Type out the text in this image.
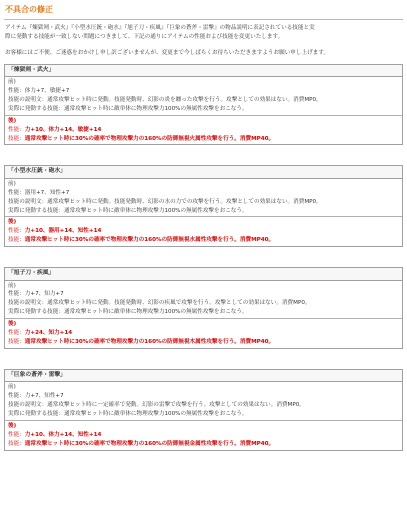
不具合の修正

アイテム『煉獄剣・武火』『小型水圧銃・砲水』『旭子刀・疾風』『巨象の蒼斧・雷撃』の物品説明に表記されている技能と実

際に発動する技能が一致しない問題につきまして、下記の通りにアイテムの性能および技能を変更いたします。

お客様にはご不便、ご迷惑をおかけし申し訳ございませんが、変更まで今しばらくお待ちいただきますようお願い申し上げます。

「煉獄剣・武火」
前)
性能：体力+7、敏捷+7
技能の説明文：通常攻撃ヒット時に発動。技能発動時、幻影の炎を纏った攻撃を行う。攻撃としての効果はない。消費MP0。
実際に発動する技能：通常攻撃ヒット時に敵単体に物理攻撃力100%の無属性攻撃をおこなう。
後)
性能：力+10、体力+14、敏捷+14
技能：通常攻撃ヒット時に30%の確率で物理攻撃力の160%の防御無視火属性攻撃を行う。消費MP40。
「小型水圧銃・砲水」
前)
性能：器用+7、知性+7
技能の説明文：通常攻撃ヒット時に発動。技能発動時、幻影の水の力での攻撃を行う。攻撃としての効果はない。消費MP0。
実際に発動する技能：通常攻撃ヒット時に敵単体に物理攻撃力100%の無属性攻撃をおこなう。
後)
性能：力+10、器用+14、知性+14
技能：通常攻撃ヒット時に30%の確率で物理攻撃力の160%の防御無視水属性攻撃を行う。消費MP40。
「旭子刀・疾風」
前)
性能：力+7、知力+7
技能の説明文：通常攻撃ヒット時に発動。技能発動時、幻影の疾風で攻撃を行う。攻撃としての効果はない。消費MP0。
実際に発動する技能：通常攻撃ヒット時に敵単体に物理攻撃力100%の無属性攻撃をおこなう。
後)
性能：力+24、知力+14
技能：通常攻撃ヒット時に30%の確率で物理攻撃力の160%の防御無視木属性攻撃を行う。消費MP40。
「巨象の蒼斧・雷撃」
前)
性能：力+7、知性+7
技能の説明文：通常攻撃ヒット時に一定確率で発動。幻影の雷撃で攻撃を行う。攻撃としての効果はない。消費MP0。
実際に発動する技能：通常攻撃ヒット時に敵単体に物理攻撃力100%の無属性攻撃をおこなう。
後)
性能：力+10、体力+14、知性+14
技能：通常攻撃ヒット時に30%の確率で物理攻撃力の160%の防御無視金属性攻撃を行う。消費MP40。
